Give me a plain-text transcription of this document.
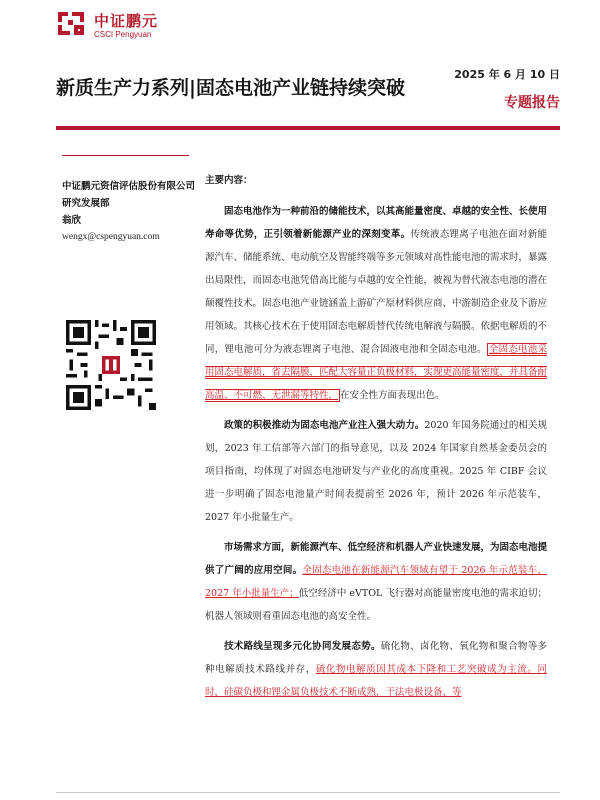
中证鹏元
CSCI Pengyuan
2025 年 6 月 10 日
新质生产力系列|固态电池产业链持续突破
专题报告
中证鹏元资信评估股份有限公司
研究发展部
翁欣
wengx@cspengyuan.com
主要内容：

固态电池作为一种前沿的储能技术，以其高能量密度、卓越的安全性、长使用寿命等优势，正引领着新能源产业的深刻变革。传统液态锂离子电池在面对新能源汽车、储能系统、电动航空及智能终端等多元领域对高性能电池的需求时，暴露出局限性，而固态电池凭借高比能与卓越的安全性能，被视为替代液态电池的潜在颠覆性技术。固态电池产业链涵盖上游矿产原材料供应商、中游制造企业及下游应用领域。其核心技术在于使用固态电解质替代传统电解液与隔膜。依据电解质的不同，锂电池可分为液态锂离子电池、混合固液电池和全固态电池。 全固态电池采用固态电解质，省去隔膜，匹配大容量正负极材料，实现更高能量密度，并具备耐高温、不可燃、无泄漏等特性， 在安全性方面表现出色。

政策的积极推动为固态电池产业注入强大动力。2020 年国务院通过的相关规划，2023 年工信部等六部门的指导意见，以及 2024 年国家自然基金委员会的项目指南，均体现了对固态电池研发与产业化的高度重视。2025 年 CIBF 会议进一步明确了固态电池量产时间表提前至 2026 年，预计 2026 年示范装车，2027 年小批量生产。

市场需求方面，新能源汽车、低空经济和机器人产业快速发展，为固态电池提供了广阔的应用空间。全固态电池在新能源汽车领域有望于 2026 年示范装车，2027 年小批量生产；低空经济中 eVTOL 飞行器对高能量密度电池的需求迫切；机器人领域则看重固态电池的高安全性。

技术路线呈现多元化协同发展态势。硫化物、卤化物、氧化物和聚合物等多种电解质技术路线并存，硫化物电解质因其成本下降和工艺突破成为主流。同时，硅碳负极和锂金属负极技术不断成熟，干法电极设备、等
